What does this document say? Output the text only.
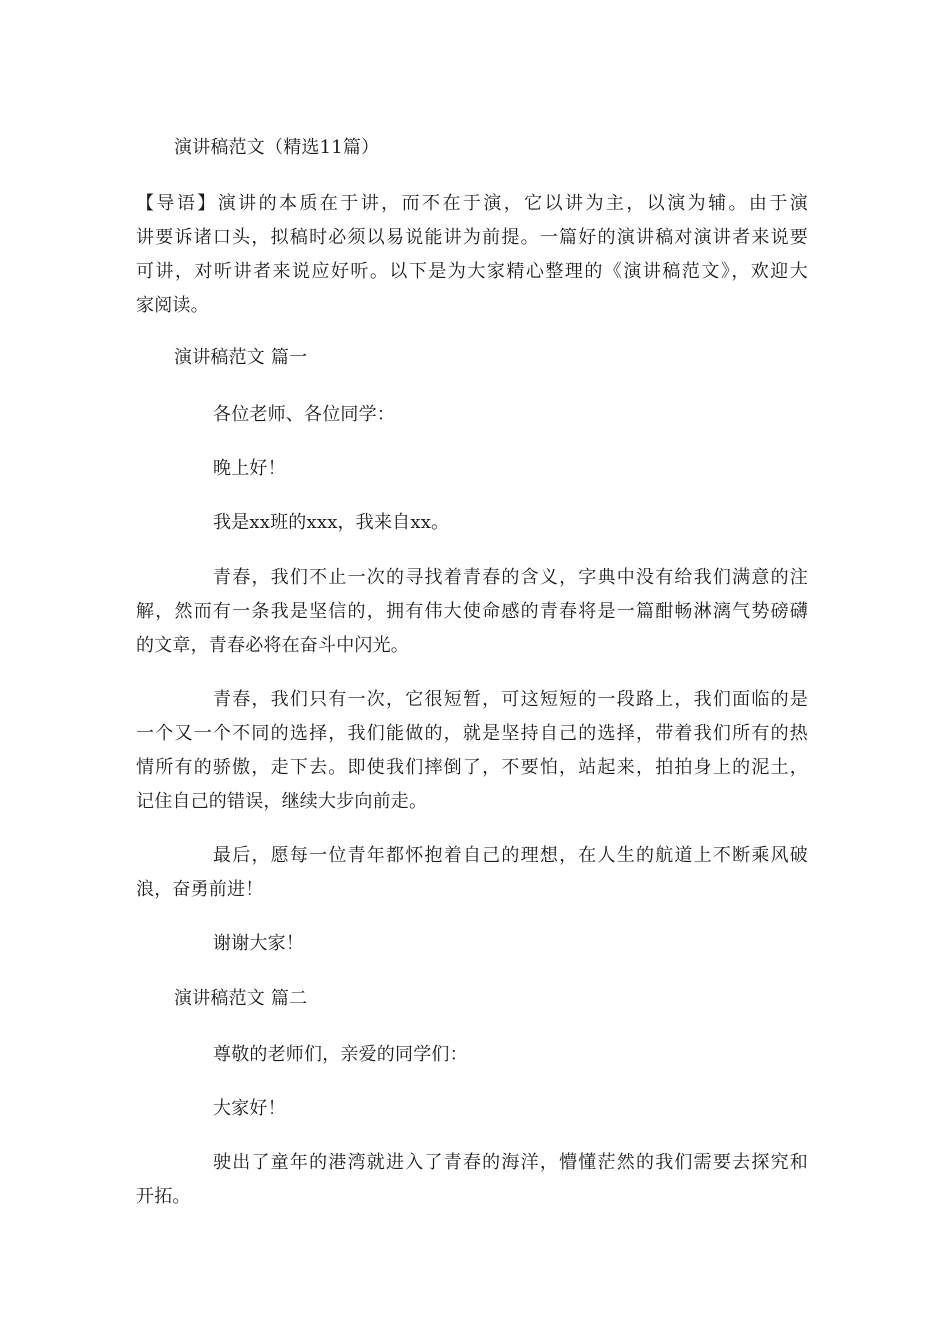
演讲稿范文（精选11篇）

【导语】演讲的本质在于讲，而不在于演，它以讲为主，以演为辅。由于演

讲要诉诸口头，拟稿时必须以易说能讲为前提。一篇好的演讲稿对演讲者来说要

可讲，对听讲者来说应好听。以下是为大家精心整理的《演讲稿范文》，欢迎大

家阅读。

演讲稿范文 篇一

各位老师、各位同学：

晚上好！

我是xx班的xxx，我来自xx。

青春，我们不止一次的寻找着青春的含义，字典中没有给我们满意的注

解，然而有一条我是坚信的，拥有伟大使命感的青春将是一篇酣畅淋漓气势磅礴

的文章，青春必将在奋斗中闪光。

青春，我们只有一次，它很短暂，可这短短的一段路上，我们面临的是

一个又一个不同的选择，我们能做的，就是坚持自己的选择，带着我们所有的热

情所有的骄傲，走下去。即使我们摔倒了，不要怕，站起来，拍拍身上的泥土，

记住自己的错误，继续大步向前走。

最后，愿每一位青年都怀抱着自己的理想，在人生的航道上不断乘风破

浪，奋勇前进！

谢谢大家！

演讲稿范文 篇二

尊敬的老师们，亲爱的同学们：

大家好！

驶出了童年的港湾就进入了青春的海洋，懵懂茫然的我们需要去探究和

开拓。
